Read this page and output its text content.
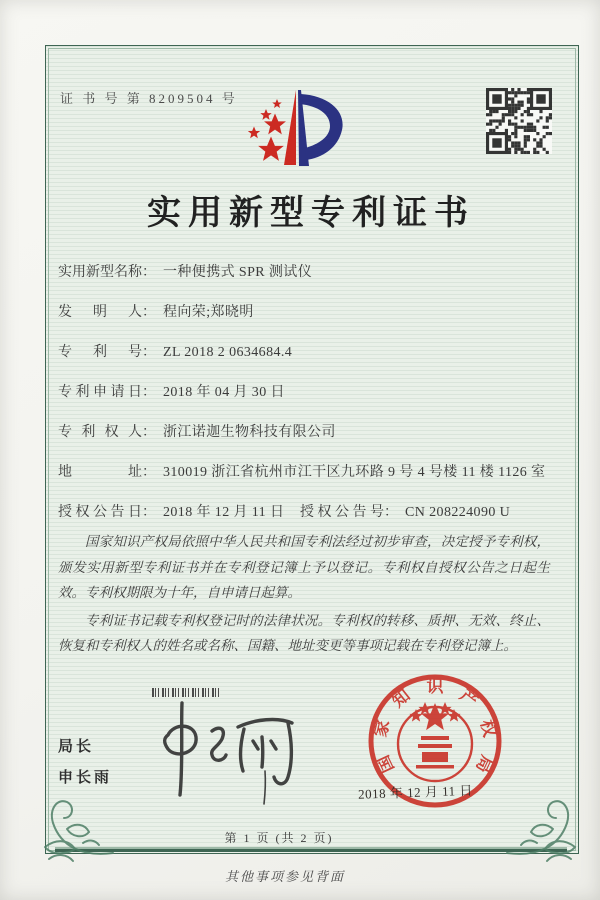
证 书 号 第 8209504 号
实用新型专利证书
实用新型名称： 一种便携式 SPR 测试仪
发明人： 程向荣;郑晓明
专利号： ZL 2018 2 0634684.4
专利申请日： 2018 年 04 月 30 日
专利权人： 浙江诺迦生物科技有限公司
地址： 310019 浙江省杭州市江干区九环路 9 号 4 号楼 11 楼 1126 室
授权公告日： 2018 年 12 月 11 日 授权公告号： CN 208224090 U

国家知识产权局依照中华人民共和国专利法经过初步审查，决定授予专利权，颁发实用新型专利证书并在专利登记簿上予以登记。专利权自授权公告之日起生效。专利权期限为十年，自申请日起算。

专利证书记载专利权登记时的法律状况。专利权的转移、质押、无效、终止、恢复和专利权人的姓名或名称、国籍、地址变更等事项记载在专利登记簿上。

局长
申长雨
国
家
知 识 产
权
局
2018 年 12 月 11 日
第 1 页 (共 2 页)
其他事项参见背面
